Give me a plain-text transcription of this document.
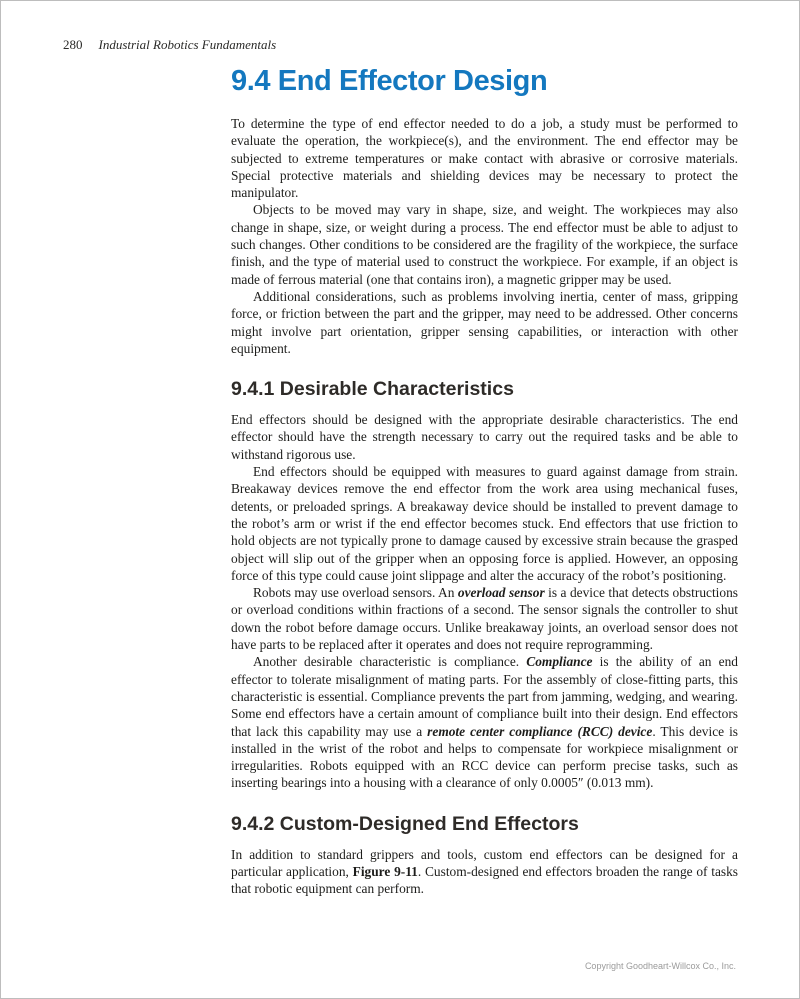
280 Industrial Robotics Fundamentals
9.4 End Effector Design

To determine the type of end effector needed to do a job, a study must be performed to evaluate the operation, the workpiece(s), and the environment. The end effector may be subjected to extreme temperatures or make contact with abrasive or corrosive materials. Special protective materials and shielding devices may be necessary to protect the manipulator.

Objects to be moved may vary in shape, size, and weight. The workpieces may also change in shape, size, or weight during a process. The end effector must be able to adjust to such changes. Other conditions to be considered are the fragility of the workpiece, the surface finish, and the type of material used to construct the workpiece. For example, if an object is made of ferrous material (one that contains iron), a magnetic gripper may be used.

Additional considerations, such as problems involving inertia, center of mass, gripping force, or friction between the part and the gripper, may need to be addressed. Other concerns might involve part orientation, gripper sensing capabilities, or interaction with other equipment.

9.4.1 Desirable Characteristics

End effectors should be designed with the appropriate desirable characteristics. The end effector should have the strength necessary to carry out the required tasks and be able to withstand rigorous use.

End effectors should be equipped with measures to guard against damage from strain. Breakaway devices remove the end effector from the work area using mechanical fuses, detents, or preloaded springs. A breakaway device should be installed to prevent damage to the robot’s arm or wrist if the end effector becomes stuck. End effectors that use friction to hold objects are not typically prone to damage caused by excessive strain because the grasped object will slip out of the gripper when an opposing force is applied. However, an opposing force of this type could cause joint slippage and alter the accuracy of the robot’s positioning.

Robots may use overload sensors. An overload sensor is a device that detects obstructions or overload conditions within fractions of a second. The sensor signals the controller to shut down the robot before damage occurs. Unlike breakaway joints, an overload sensor does not have parts to be replaced after it operates and does not require reprogramming.

Another desirable characteristic is compliance. Compliance is the ability of an end effector to tolerate misalignment of mating parts. For the assembly of close-fitting parts, this characteristic is essential. Compliance prevents the part from jamming, wedging, and wearing. Some end effectors have a certain amount of compliance built into their design. End effectors that lack this capability may use a remote center compliance (RCC) device. This device is installed in the wrist of the robot and helps to compensate for workpiece misalignment or irregularities. Robots equipped with an RCC device can perform precise tasks, such as inserting bearings into a housing with a clearance of only 0.0005″ (0.013 mm).

9.4.2 Custom-Designed End Effectors

In addition to standard grippers and tools, custom end effectors can be designed for a particular application, Figure 9-11. Custom-designed end effectors broaden the range of tasks that robotic equipment can perform.

Copyright Goodheart-Willcox Co., Inc.
